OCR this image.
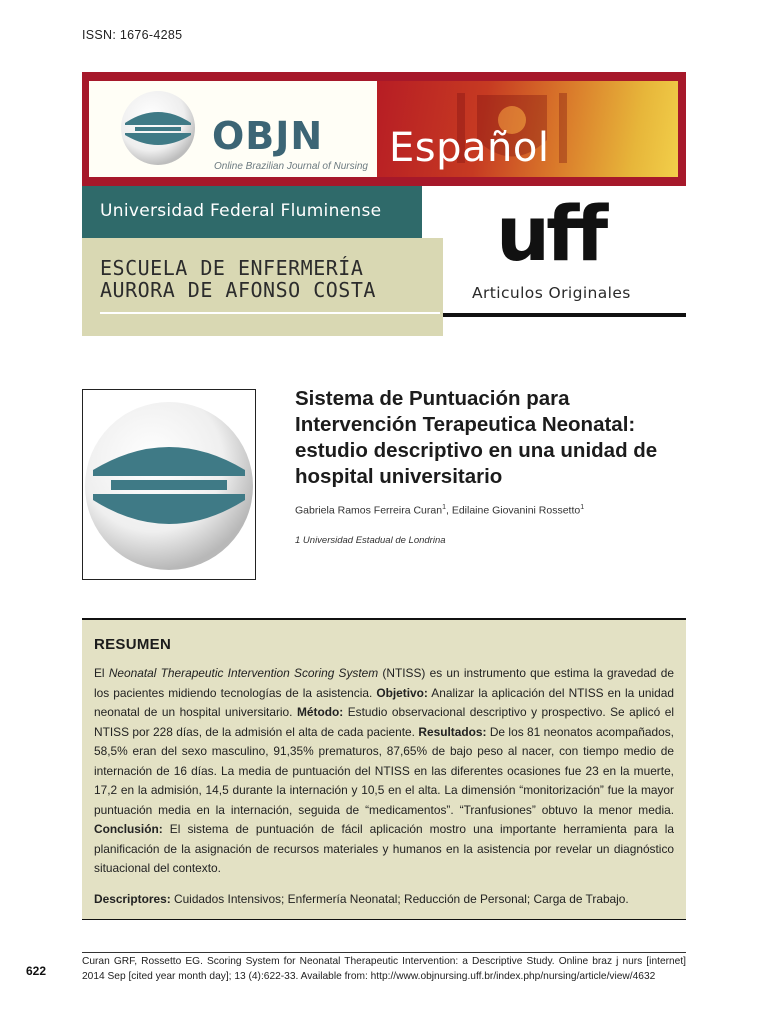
ISSN: 1676-4285
OBJN
Online Brazilian Journal of Nursing Español
Universidad Federal Fluminense
ESCUELA DE ENFERMERÍA
AURORA DE AFONSO COSTA
uff
Articulos Originales
Sistema de Puntuación para Intervención Terapeutica Neonatal: estudio descriptivo en una unidad de hospital universitario
Gabriela Ramos Ferreira Curan$^1$, Edilaine Giovanini Rossetto$^1$
1 Universidad Estadual de Londrina
RESUMEN
El Neonatal Therapeutic Intervention Scoring System (NTISS) es un instrumento que estima la gravedad de los pacientes midiendo tecnologías de la asistencia. Objetivo: Analizar la aplicación del NTISS en la unidad neonatal de un hospital universitario. Método: Estudio observacional descriptivo y prospectivo. Se aplicó el NTISS por 228 días, de la admisión el alta de cada paciente. Resultados: De los 81 neonatos acompañados, 58,5% eran del sexo masculino, 91,35% prematuros, 87,65% de bajo peso al nacer, con tiempo medio de internación de 16 días. La media de puntuación del NTISS en las diferentes ocasiones fue 23 en la muerte, 17,2 en la admisión, 14,5 durante la internación y 10,5 en el alta. La dimensión “monitorización” fue la mayor puntuación media en la internación, seguida de “medicamentos”. “Tranfusiones” obtuvo la menor media. Conclusión: El sistema de puntuación de fácil aplicación mostro una importante herramienta para la planificación de la asignación de recursos materiales y humanos en la asistencia por revelar un diagnóstico situacional del contexto.
Descriptores: Cuidados Intensivos; Enfermería Neonatal; Reducción de Personal; Carga de Trabajo.
622
Curan GRF, Rossetto EG. Scoring System for Neonatal Therapeutic Intervention: a Descriptive Study. Online braz j nurs [internet] 2014 Sep [cited year month day]; 13 (4):622-33. Available from: http://www.objnursing.uff.br/index.php/nursing/article/view/4632
